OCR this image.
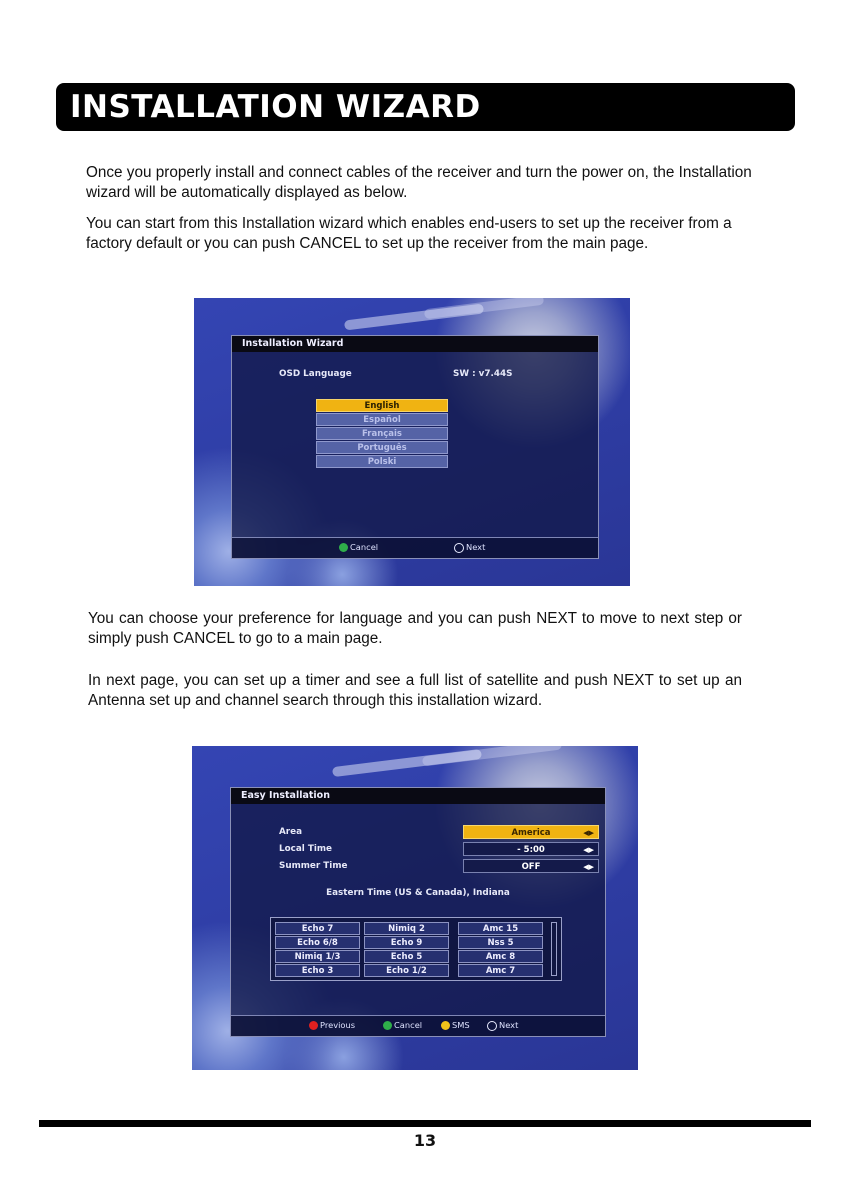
INSTALLATION WIZARD

Once you properly install and connect cables of the receiver and turn the power on, the Installation wizard will be automatically displayed as below.

You can start from this Installation wizard which enables end-users to set up the receiver from a factory default or you can push CANCEL to set up the receiver from the main page.

Installation Wizard
OSD Language	SW : v7.44S
English
Español
Français
Português
Polski
Cancel	Next

You can choose your preference for language and you can push NEXT to move to next step or simply push CANCEL to go to a main page.

In next page, you can set up a timer and see a full list of satellite and push NEXT to set up an Antenna set up and channel search through this installation wizard.

Easy Installation
Area	America	◀▶
Local Time	- 5:00	◀▶
Summer Time	OFF	◀▶
Eastern Time (US & Canada), Indiana
Echo 7	Nimiq 2	Amc 15
Echo 6/8	Echo 9	Nss 5
Nimiq 1/3	Echo 5	Amc 8
Echo 3	Echo 1/2	Amc 7
Previous	Cancel	SMS	Next
13
